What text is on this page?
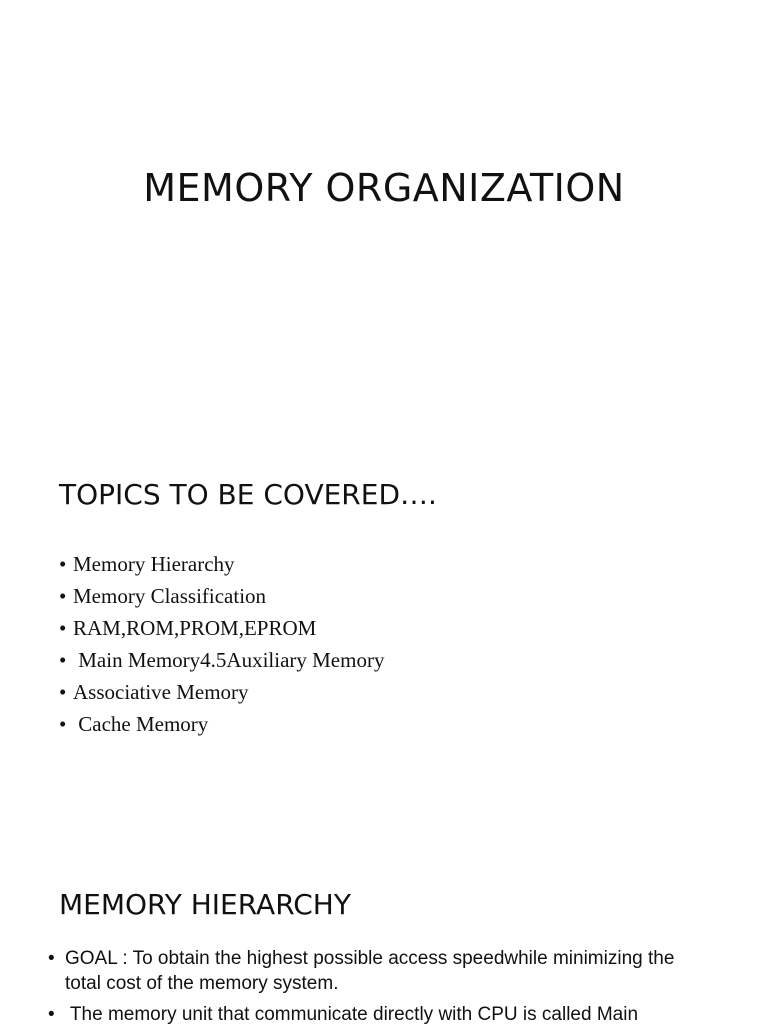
MEMORY ORGANIZATION
TOPICS TO BE COVERED….
• Memory Hierarchy
• Memory Classification
• RAM,ROM,PROM,EPROM
• Main Memory4.5Auxiliary Memory
• Associative Memory
• Cache Memory
MEMORY HIERARCHY
• GOAL : To obtain the highest possible access speedwhile minimizing the total cost of the memory system.
• The memory unit that communicate directly with CPU is called Main
